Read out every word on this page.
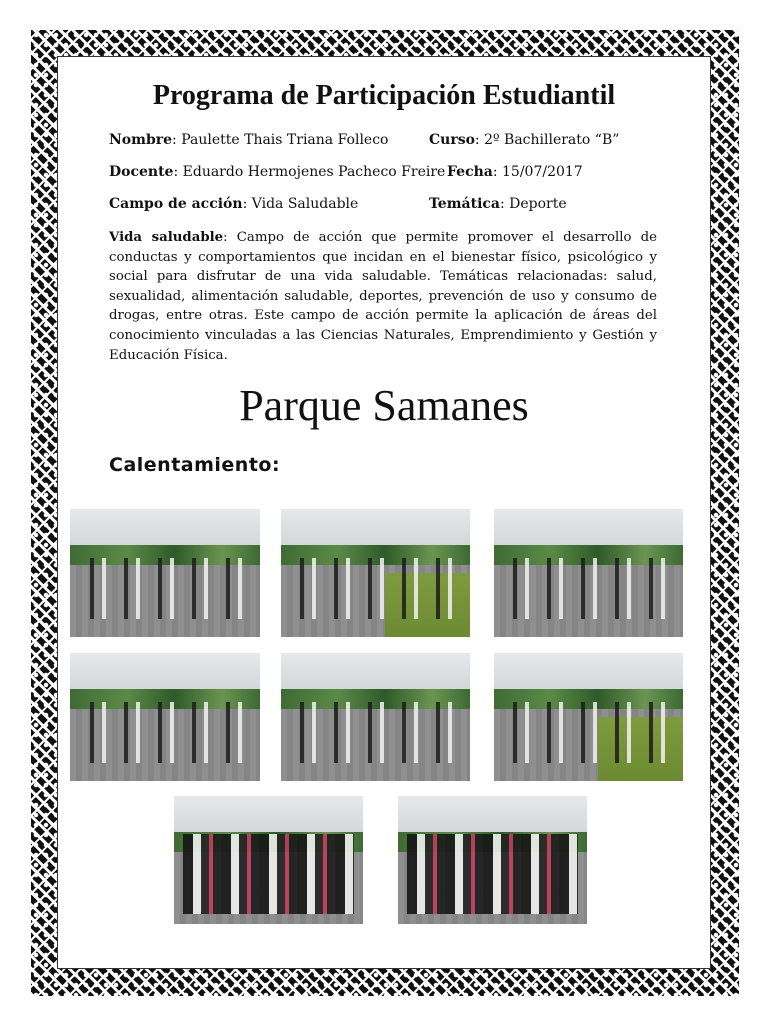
Programa de Participación Estudiantil
Nombre: Paulette Thais Triana Folleco	Curso: 2º Bachillerato “B”
Docente: Eduardo Hermojenes Pacheco Freire Fecha: 15/07/2017
Campo de acción: Vida Saludable	Temática: Deporte
Vida saludable: Campo de acción que permite promover el desarrollo de conductas y comportamientos que incidan en el bienestar físico, psicológico y social para disfrutar de una vida saludable. Temáticas relacionadas: salud, sexualidad, alimentación saludable, deportes, prevención de uso y consumo de drogas, entre otras. Este campo de acción permite la aplicación de áreas del conocimiento vinculadas a las Ciencias Naturales, Emprendimiento y Gestión y Educación Física.
Parque Samanes
Calentamiento:
